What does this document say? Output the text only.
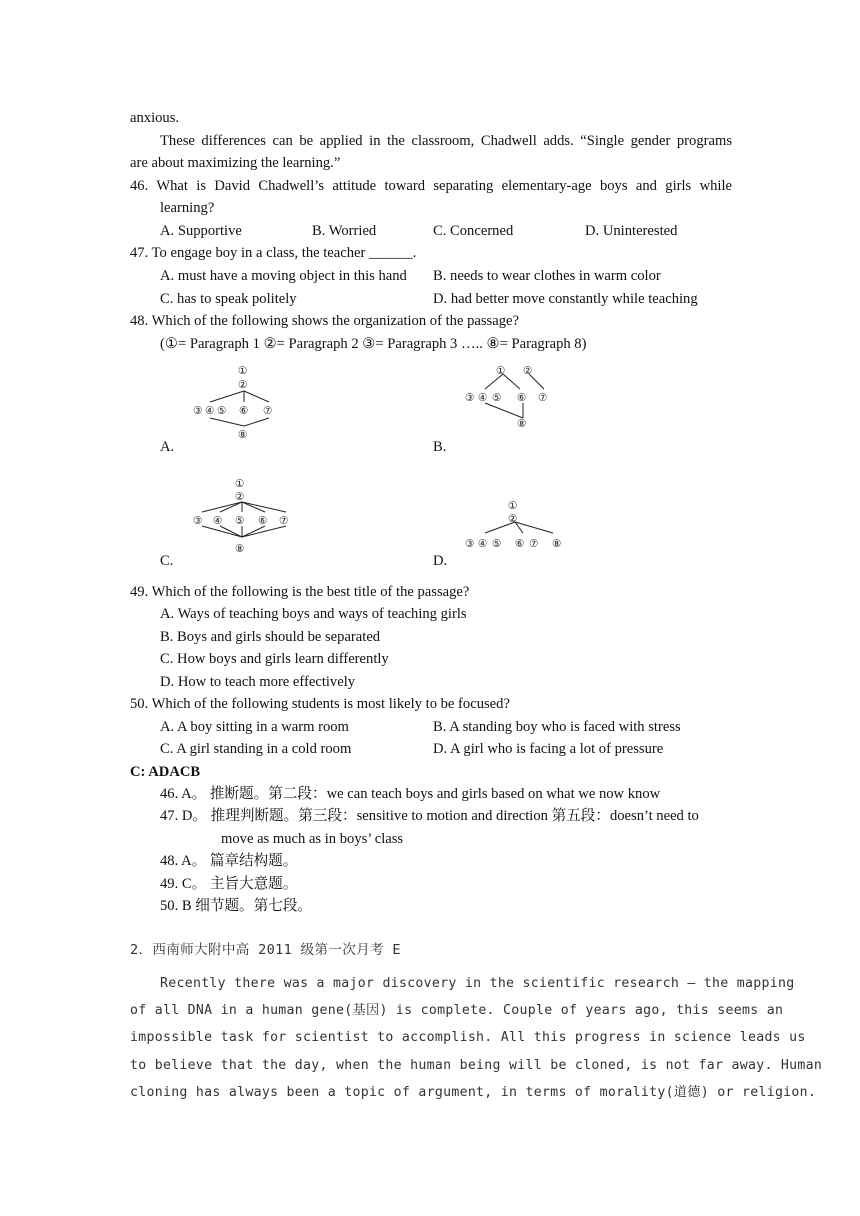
anxious.
These differences can be applied in the classroom, Chadwell adds. “Single gender programs
are about maximizing the learning.”
46. What is David Chadwell’s attitude toward separating elementary-age boys and girls while
learning?
A. Supportive	B. Worried	C. Concerned	D. Uninterested
47. To engage boy in a class, the teacher ______.
A. must have a moving object in this hand B. needs to wear clothes in warm color
C. has to speak politely	D. had better move constantly while teaching
48. Which of the following shows the organization of the passage?
(①= Paragraph 1 ②= Paragraph 2 ③= Paragraph 3 ….. ⑧= Paragraph 8)
①
②
③ ④ ⑤ ⑥ ⑦
⑧
A.
① ②
③ ④ ⑤ ⑥ ⑦
⑧
B.
①
②
③ ④ ⑤ ⑥ ⑦
⑧
C.
①
②
③ ④ ⑤ ⑥ ⑦ ⑧
D.
49. Which of the following is the best title of the passage?
A. Ways of teaching boys and ways of teaching girls
B. Boys and girls should be separated
C. How boys and girls learn differently
D. How to teach more effectively
50. Which of the following students is most likely to be focused?
A. A boy sitting in a warm room	B. A standing boy who is faced with stress
C. A girl standing in a cold room	D. A girl who is facing a lot of pressure
C: ADACB
46. A。 推断题。第二段：we can teach boys and girls based on what we now know
47. D。 推理判断题。第三段：sensitive to motion and direction 第五段：doesn’t need to
move as much as in boys’ class
48. A。 篇章结构题。
49. C。 主旨大意题。
50. B 细节题。第七段。
2．西南师大附中高 2011 级第一次月考 E
Recently there was a major discovery in the scientific research — the mapping
of all DNA in a human gene(基因) is complete. Couple of years ago, this seems an
impossible task for scientist to accomplish. All this progress in science leads us
to believe that the day, when the human being will be cloned, is not far away. Human
cloning has always been a topic of argument, in terms of morality(道德) or religion.
